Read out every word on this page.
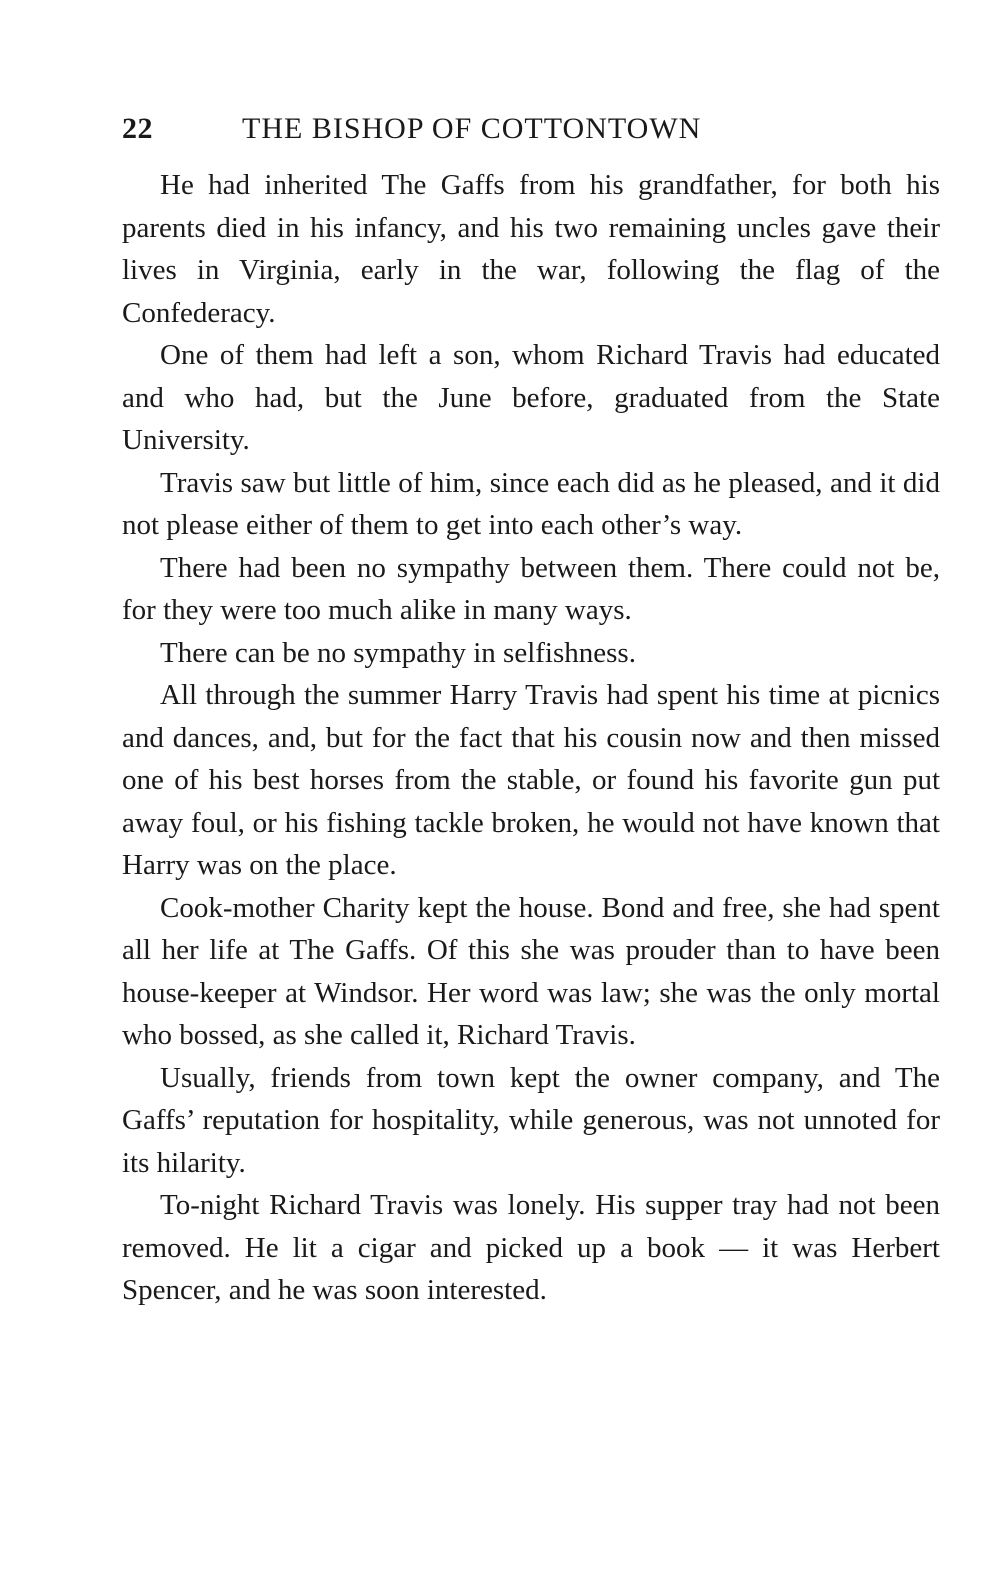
22	THE BISHOP OF COTTONTOWN

He had inherited The Gaffs from his grandfather, for both his parents died in his infancy, and his two remaining uncles gave their lives in Virginia, early in the war, following the flag of the Confederacy.

One of them had left a son, whom Richard Travis had educated and who had, but the June before, graduated from the State University.

Travis saw but little of him, since each did as he pleased, and it did not please either of them to get into each other’s way.

There had been no sympathy between them. There could not be, for they were too much alike in many ways.

There can be no sympathy in selfishness.

All through the summer Harry Travis had spent his time at picnics and dances, and, but for the fact that his cousin now and then missed one of his best horses from the stable, or found his favorite gun put away foul, or his fishing tackle broken, he would not have known that Harry was on the place.

Cook-mother Charity kept the house. Bond and free, she had spent all her life at The Gaffs. Of this she was prouder than to have been house-keeper at Windsor. Her word was law; she was the only mortal who bossed, as she called it, Richard Travis.

Usually, friends from town kept the owner company, and The Gaffs’ reputation for hospitality, while generous, was not unnoted for its hilarity.

To-night Richard Travis was lonely. His supper tray had not been removed. He lit a cigar and picked up a book — it was Herbert Spencer, and he was soon interested.
